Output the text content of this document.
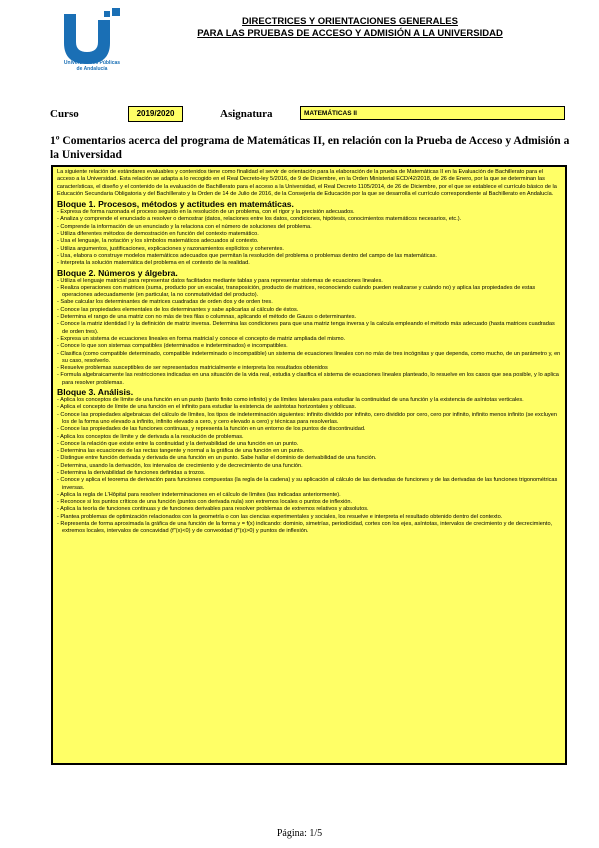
Universidades Públicas de Andalucía
DIRECTRICES Y ORIENTACIONES GENERALES
PARA LAS PRUEBAS DE ACCESO Y ADMISIÓN A LA UNIVERSIDAD
Curso	2019/2020	Asignatura	MATEMÁTICAS II
1º Comentarios acerca del programa de Matemáticas II, en relación con la Prueba de Acceso y Admisión a la Universidad

La siguiente relación de estándares evaluables y contenidos tiene como finalidad el servir de orientación para la elaboración de la prueba de Matemáticas II en la Evaluación de Bachillerato para el acceso a la Universidad. Esta relación se adapta a lo recogido en el Real Decreto-ley 5/2016, de 9 de Diciembre, en la Orden Ministerial ECD/42/2018, de 26 de Enero, por la que se determinan las características, el diseño y el contenido de la evaluación de Bachillerato para el acceso a la Universidad, el Real Decreto 1105/2014, de 26 de Diciembre, por el que se establece el currículo básico de la Educación Secundaria Obligatoria y del Bachillerato y la Orden de 14 de Julio de 2016, de la Consejería de Educación por la que se desarrolla el currículo correspondiente al Bachillerato en Andalucía.

Bloque 1. Procesos, métodos y actitudes en matemáticas.

- Expresa de forma razonada el proceso seguido en la resolución de un problema, con el rigor y la precisión adecuados.
- Analiza y comprende el enunciado a resolver o demostrar (datos, relaciones entre los datos, condiciones, hipótesis, conocimientos matemáticos necesarios, etc.).
- Comprende la información de un enunciado y la relaciona con el número de soluciones del problema.
- Utiliza diferentes métodos de demostración en función del contexto matemático.
- Usa el lenguaje, la notación y los símbolos matemáticos adecuados al contexto.
- Utiliza argumentos, justificaciones, explicaciones y razonamientos explícitos y coherentes.
- Usa, elabora o construye modelos matemáticos adecuados que permitan la resolución del problema o problemas dentro del campo de las matemáticas.
- Interpreta la solución matemática del problema en el contexto de la realidad.

Bloque 2. Números y álgebra.

- Utiliza el lenguaje matricial para representar datos facilitados mediante tablas y para representar sistemas de ecuaciones lineales.
- Realiza operaciones con matrices (suma, producto por un escalar, transposición, producto de matrices, reconociendo cuándo pueden realizarse y cuándo no) y aplica las propiedades de estas operaciones adecuadamente (en particular, la no conmutatividad del producto).
- Sabe calcular los determinantes de matrices cuadradas de orden dos y de orden tres.
- Conoce las propiedades elementales de los determinantes y sabe aplicarlas al cálculo de éstos.
- Determina el rango de una matriz con no más de tres filas o columnas, aplicando el método de Gauss o determinantes.
- Conoce la matriz identidad I y la definición de matriz inversa. Determina las condiciones para que una matriz tenga inversa y la calcula empleando el método más adecuado (hasta matrices cuadradas de orden tres).
- Expresa un sistema de ecuaciones lineales en forma matricial y conoce el concepto de matriz ampliada del mismo.
- Conoce lo que son sistemas compatibles (determinados e indeterminados) e incompatibles.
- Clasifica (como compatible determinado, compatible indeterminado o incompatible) un sistema de ecuaciones lineales con no más de tres incógnitas y que dependa, como mucho, de un parámetro y, en su caso, resolverlo.
- Resuelve problemas susceptibles de ser representados matricialmente e interpreta los resultados obtenidos
- Formula algebraicamente las restricciones indicadas en una situación de la vida real, estudia y clasifica el sistema de ecuaciones lineales planteado, lo resuelve en los casos que sea posible, y lo aplica para resolver problemas.

Bloque 3. Análisis.

- Aplica los conceptos de límite de una función en un punto (tanto finito como infinito) y de límites laterales para estudiar la continuidad de una función y la existencia de asíntotas verticales.
- Aplica el concepto de límite de una función en el infinito para estudiar la existencia de asíntotas horizontales y oblicuas.
- Conoce las propiedades algebraicas del cálculo de límites, los tipos de indeterminación siguientes: infinito dividido por infinito, cero dividido por cero, cero por infinito, infinito menos infinito (se excluyen los de la forma uno elevado a infinito, infinito elevado a cero, y cero elevado a cero) y técnicas para resolverlas.
- Conoce las propiedades de las funciones continuas, y representa la función en un entorno de los puntos de discontinuidad.
- Aplica los conceptos de límite y de derivada a la resolución de problemas.
- Conoce la relación que existe entre la continuidad y la derivabilidad de una función en un punto.
- Determina las ecuaciones de las rectas tangente y normal a la gráfica de una función en un punto.
- Distingue entre función derivada y derivada de una función en un punto. Sabe hallar el dominio de derivabilidad de una función.
- Determina, usando la derivación, los intervalos de crecimiento y de decrecimiento de una función.
- Determina la derivabilidad de funciones definidas a trozos.
- Conoce y aplica el teorema de derivación para funciones compuestas (la regla de la cadena) y su aplicación al cálculo de las derivadas de funciones y de las derivadas de las funciones trigonométricas inversas.
- Aplica la regla de L'Hôpital para resolver indeterminaciones en el cálculo de límites (las indicadas anteriormente).
- Reconoce si los puntos críticos de una función (puntos con derivada nula) son extremos locales o puntos de inflexión.
- Aplica la teoría de funciones continuas y de funciones derivables para resolver problemas de extremos relativos y absolutos.
- Plantea problemas de optimización relacionados con la geometría o con las ciencias experimentales y sociales, los resuelve e interpreta el resultado obtenido dentro del contexto.
- Representa de forma aproximada la gráfica de una función de la forma y = f(x) indicando: dominio, simetrías, periodicidad, cortes con los ejes, asíntotas, intervalos de crecimiento y de decrecimiento, extremos locales, intervalos de concavidad (f''(x)<0) y de convexidad (f''(x)>0) y puntos de inflexión.
Página: 1/5
